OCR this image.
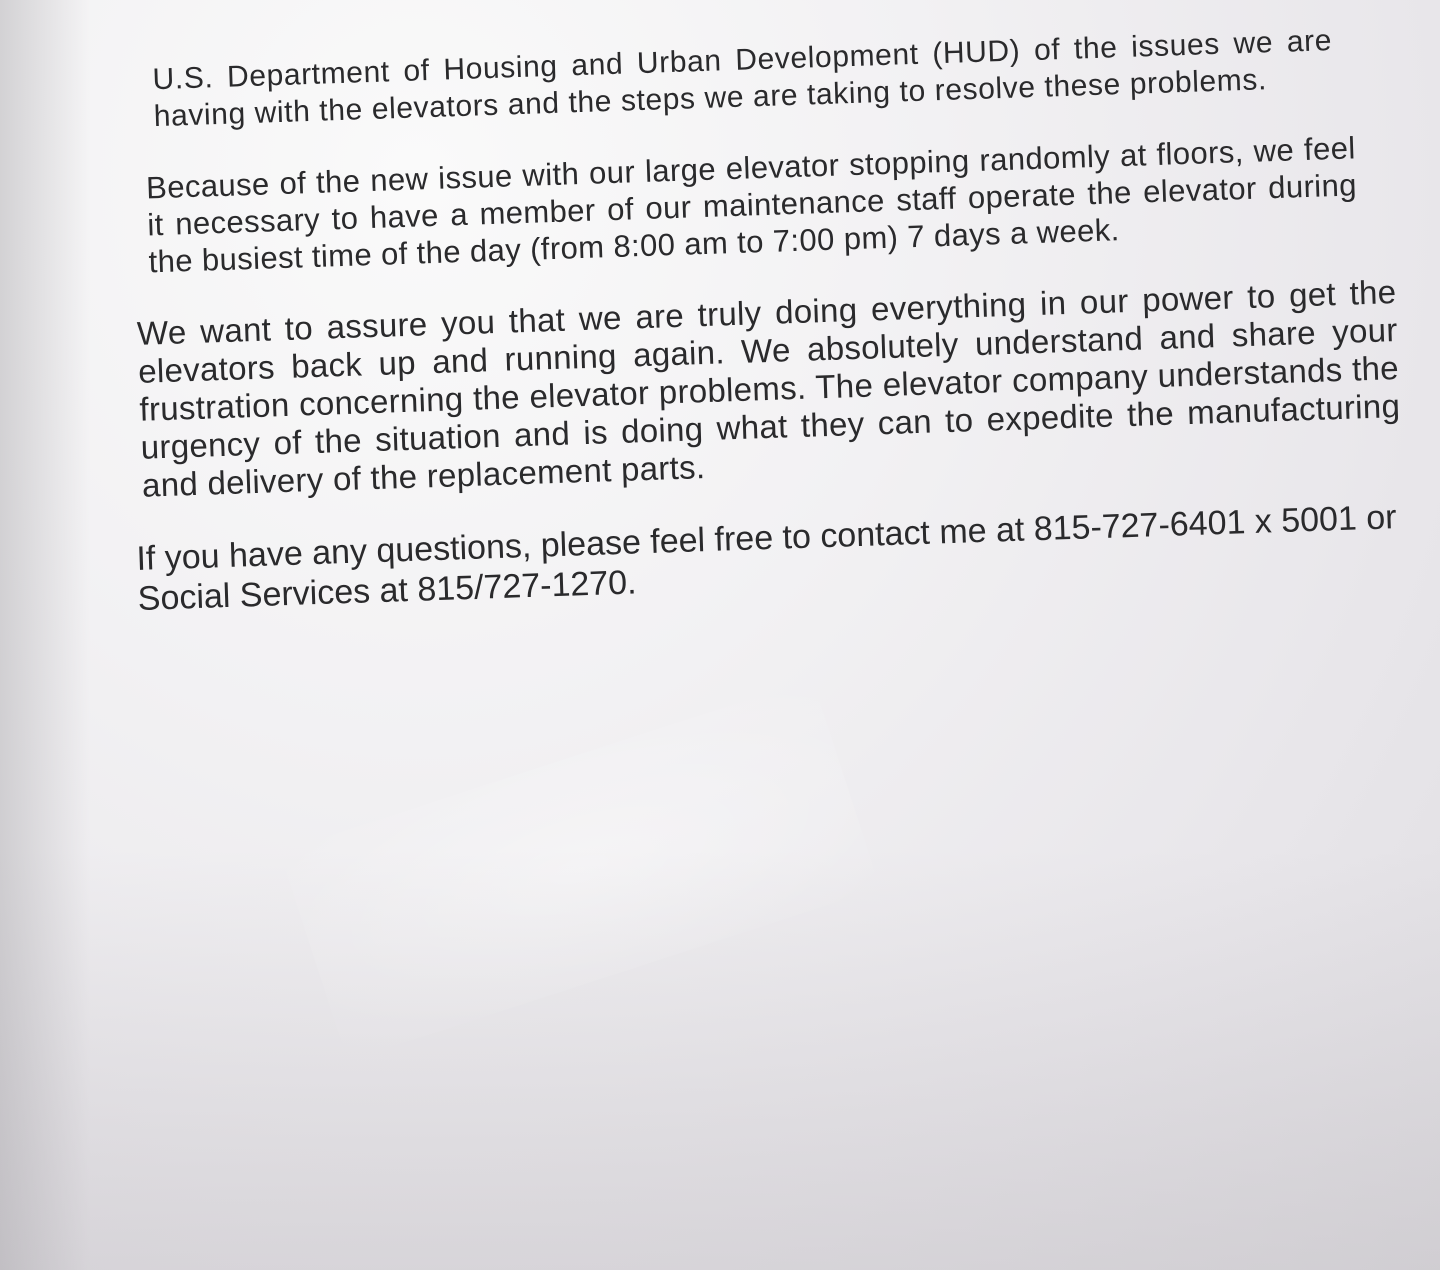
U.S. Department of Housing and Urban Development (HUD) of the issues we are having with the elevators and the steps we are taking to resolve these problems.

Because of the new issue with our large elevator stopping randomly at floors, we feel it necessary to have a member of our maintenance staff operate the elevator during the busiest time of the day (from 8:00 am to 7:00 pm) 7 days a week.

We want to assure you that we are truly doing everything in our power to get the elevators back up and running again. We absolutely understand and share your frustration concerning the elevator problems. The elevator company understands the urgency of the situation and is doing what they can to expedite the manufacturing and delivery of the replacement parts.

If you have any questions, please feel free to contact me at 815-727-6401 x 5001 or Social Services at 815/727-1270.
